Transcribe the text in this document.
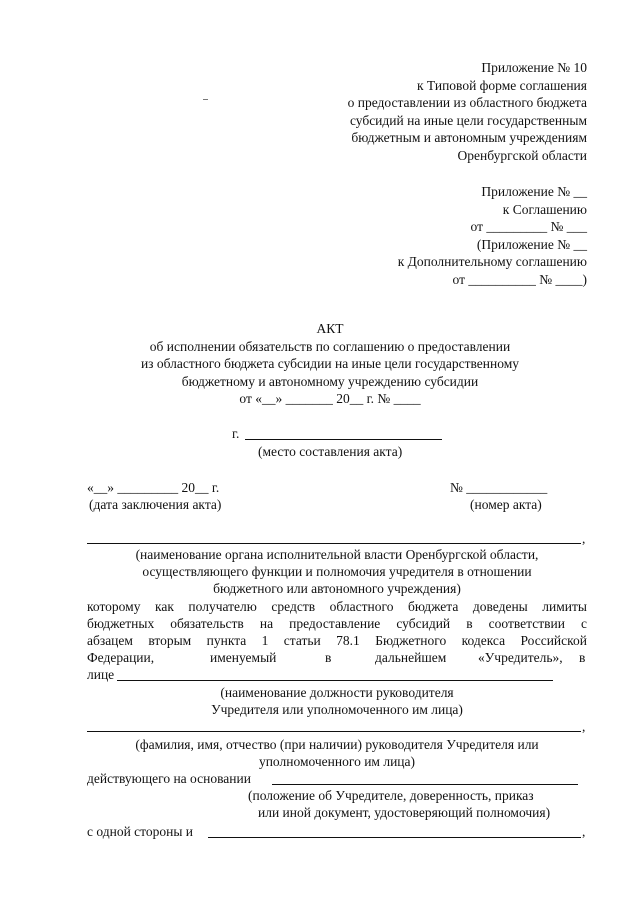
Приложение № 10
к Типовой форме соглашения
о предоставлении из областного бюджета
субсидий на иные цели государственным
бюджетным и автономным учреждениям
Оренбургской области
Приложение № __
к Соглашению
от _________ № ___
(Приложение № __
к Дополнительному соглашению
от __________ № ____)
АКТ
об исполнении обязательств по соглашению о предоставлении
из областного бюджета субсидии на иные цели государственному
бюджетному и автономному учреждению субсидии
от «__» _______ 20__ г. № ____
г.
(место составления акта)
«__» _________ 20__ г.
(дата заключения акта)
№ ____________
(номер акта)
,
(наименование органа исполнительной власти Оренбургской области,
осуществляющего функции и полномочия учредителя в отношении
бюджетного или автономного учреждения)
которому как получателю средств областного бюджета доведены лимиты
бюджетных обязательств на предоставление субсидий в соответствии с
абзацем вторым пункта 1 статьи 78.1 Бюджетного кодекса Российской
Федерации,	именуемый	в	дальнейшем «Учредитель», в
лице
(наименование должности руководителя
Учредителя или уполномоченного им лица)
,
(фамилия, имя, отчество (при наличии) руководителя Учредителя или
уполномоченного им лица)
действующего на основании
(положение об Учредителе, доверенность, приказ
или иной документ, удостоверяющий полномочия)
с одной стороны и	,
